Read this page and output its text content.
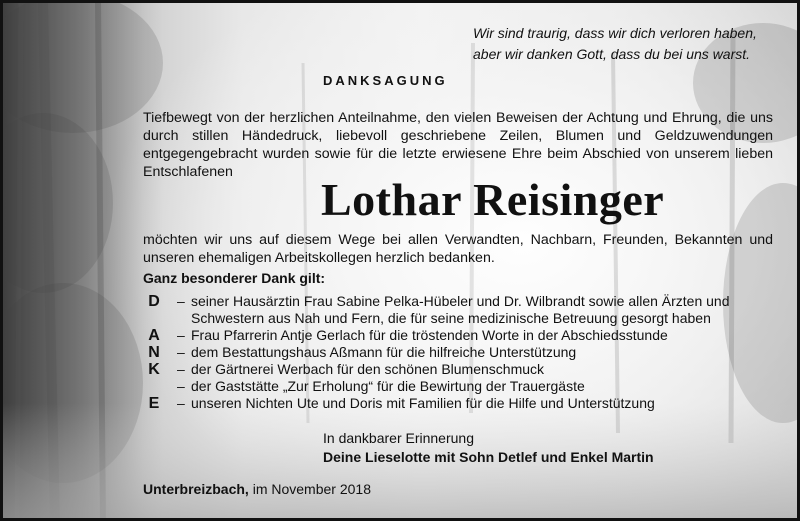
Wir sind traurig, dass wir dich verloren haben,
aber wir danken Gott, dass du bei uns warst.
DANKSAGUNG
Tiefbewegt von der herzlichen Anteilnahme, den vielen Beweisen der Achtung und Ehrung, die uns durch stillen Händedruck, liebevoll geschriebene Zeilen, Blumen und Geldzuwendungen entgegengebracht wurden sowie für die letzte erwiesene Ehre beim Abschied von unserem lieben Entschlafenen
Lothar Reisinger
möchten wir uns auf diesem Wege bei allen Verwandten, Nachbarn, Freunden, Bekannten und unseren ehemaligen Arbeitskollegen herzlich bedanken.
Ganz besonderer Dank gilt:
D – seiner Hausärztin Frau Sabine Pelka-Hübeler und Dr. Wilbrandt sowie allen Ärzten und
Schwestern aus Nah und Fern, die für seine medizinische Betreuung gesorgt haben
A – Frau Pfarrerin Antje Gerlach für die tröstenden Worte in der Abschiedsstunde
N – dem Bestattungshaus Aßmann für die hilfreiche Unterstützung
K – der Gärtnerei Werbach für den schönen Blumenschmuck
– der Gaststätte „Zur Erholung“ für die Bewirtung der Trauergäste
E – unseren Nichten Ute und Doris mit Familien für die Hilfe und Unterstützung
In dankbarer Erinnerung
Deine Lieselotte mit Sohn Detlef und Enkel Martin
Unterbreizbach, im November 2018
